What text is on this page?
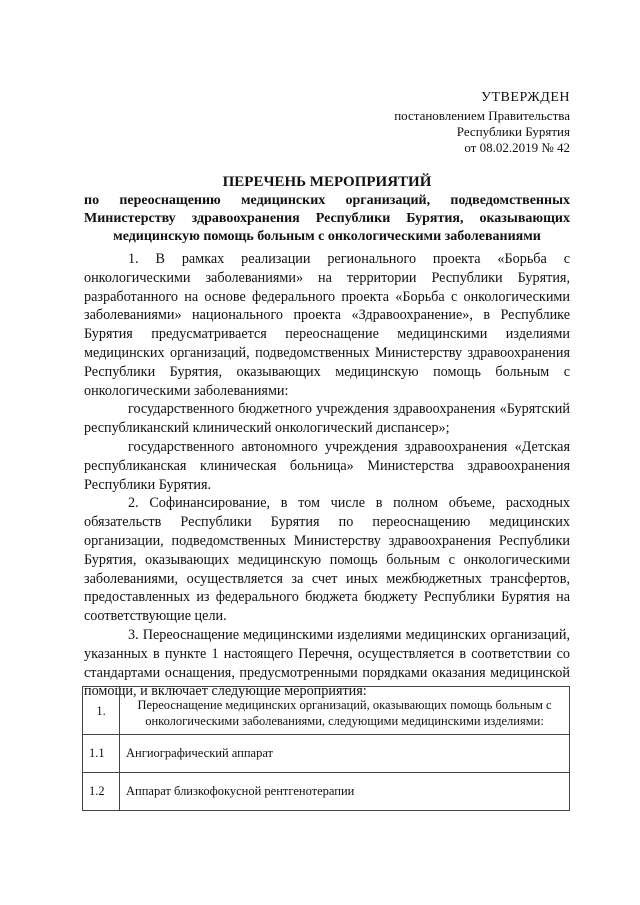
УТВЕРЖДЕН
постановлением Правительства
Республики Бурятия
от 08.02.2019 № 42
ПЕРЕЧЕНЬ МЕРОПРИЯТИЙ
по переоснащению медицинских организаций, подведомственных Министерству здравоохранения Республики Бурятия, оказывающих медицинскую помощь больным с онкологическими заболеваниями

1. В рамках реализации регионального проекта «Борьба с онкологическими заболеваниями» на территории Республики Бурятия, разработанного на основе федерального проекта «Борьба с онкологическими заболеваниями» национального проекта «Здравоохранение», в Республике Бурятия предусматривается переоснащение медицинскими изделиями медицинских организаций, подведомственных Министерству здравоохранения Республики Бурятия, оказывающих медицинскую помощь больным с онкологическими заболеваниями:

государственного бюджетного учреждения здравоохранения «Бурятский республиканский клинический онкологический диспансер»;

государственного автономного учреждения здравоохранения «Детская республиканская клиническая больница» Министерства здравоохранения Республики Бурятия.

2. Софинансирование, в том числе в полном объеме, расходных обязательств Республики Бурятия по переоснащению медицинских организации, подведомственных Министерству здравоохранения Республики Бурятия, оказывающих медицинскую помощь больным с онкологическими заболеваниями, осуществляется за счет иных межбюджетных трансфертов, предоставленных из федерального бюджета бюджету Республики Бурятия на соответствующие цели.

3. Переоснащение медицинскими изделиями медицинских организаций, указанных в пункте 1 настоящего Перечня, осуществляется в соответствии со стандартами оснащения, предусмотренными порядками оказания медицинской помощи, и включает следующие мероприятия:

1.	Переоснащение медицинских организаций, оказывающих помощь больным с онкологическими заболеваниями, следующими медицинскими изделиями:
1.1	Ангиографический аппарат
1.2	Аппарат близкофокусной рентгенотерапии
